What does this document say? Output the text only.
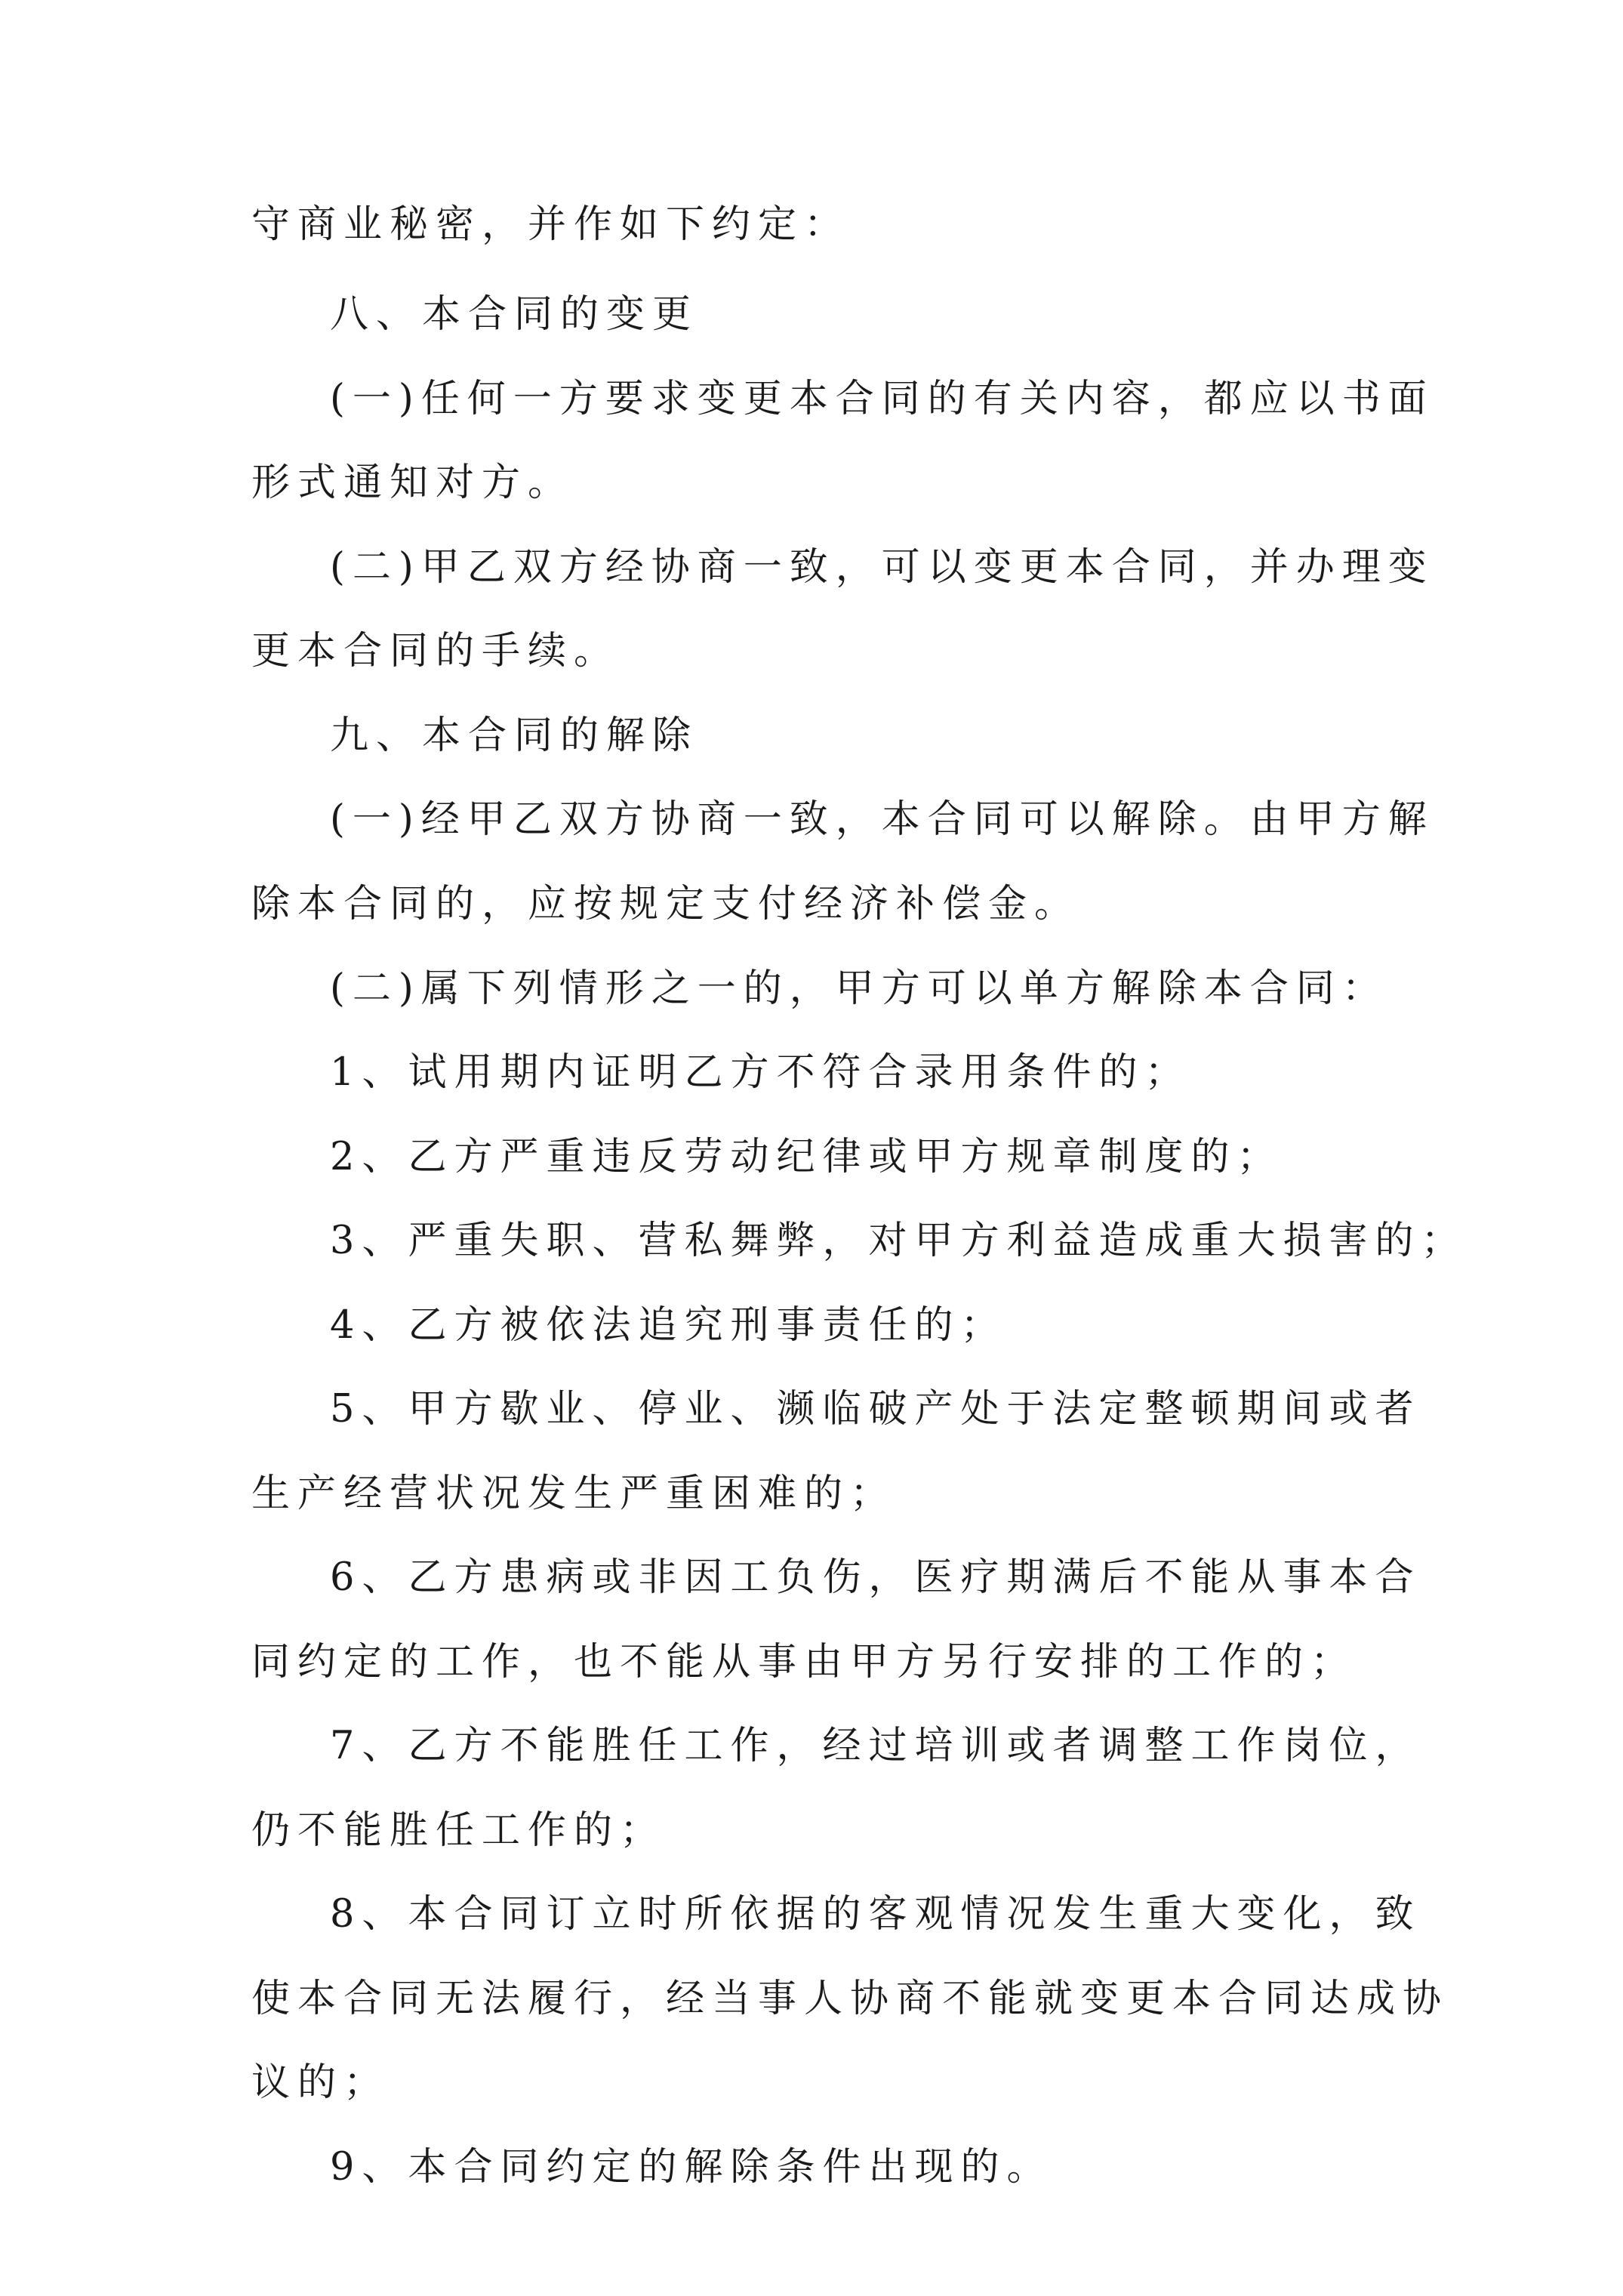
守商业秘密，并作如下约定：
八、本合同的变更
(一)任何一方要求变更本合同的有关内容，都应以书面
形式通知对方。
(二)甲乙双方经协商一致，可以变更本合同，并办理变
更本合同的手续。
九、本合同的解除
(一)经甲乙双方协商一致，本合同可以解除。由甲方解
除本合同的，应按规定支付经济补偿金。
(二)属下列情形之一的，甲方可以单方解除本合同：
1、试用期内证明乙方不符合录用条件的；
2、乙方严重违反劳动纪律或甲方规章制度的；
3、严重失职、营私舞弊，对甲方利益造成重大损害的；
4、乙方被依法追究刑事责任的；
5、甲方歇业、停业、濒临破产处于法定整顿期间或者
生产经营状况发生严重困难的；
6、乙方患病或非因工负伤，医疗期满后不能从事本合
同约定的工作，也不能从事由甲方另行安排的工作的；
7、乙方不能胜任工作，经过培训或者调整工作岗位，
仍不能胜任工作的；
8、本合同订立时所依据的客观情况发生重大变化，致
使本合同无法履行，经当事人协商不能就变更本合同达成协
议的；
9、本合同约定的解除条件出现的。
